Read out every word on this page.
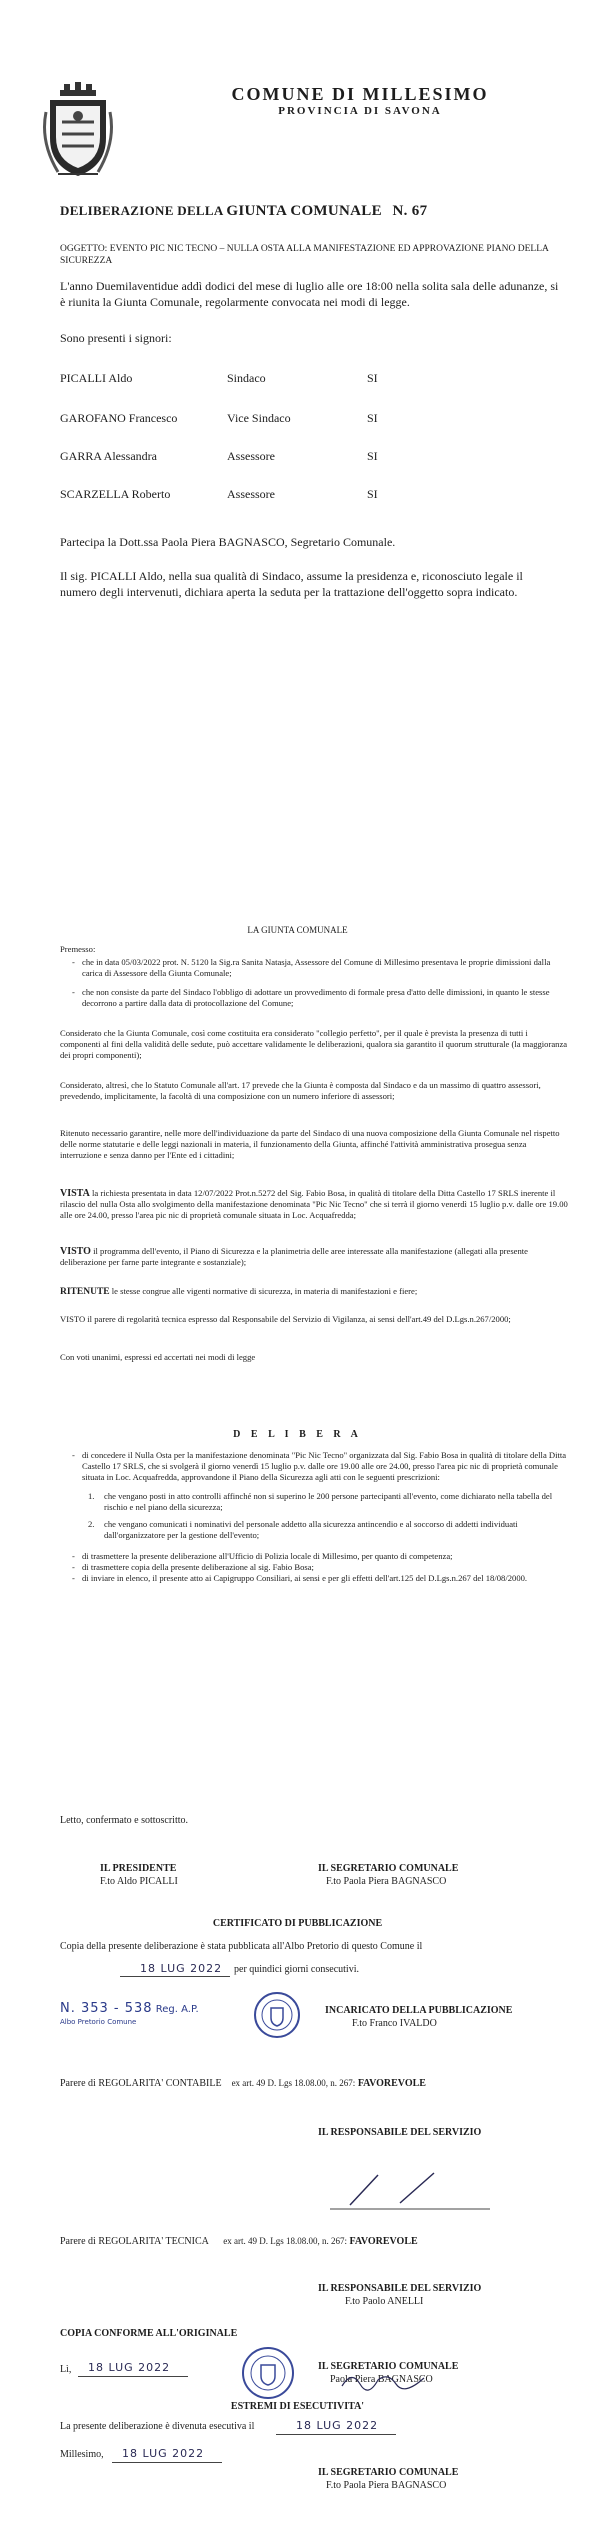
COMUNE DI MILLESIMO
PROVINCIA DI SAVONA
DELIBERAZIONE DELLA GIUNTA COMUNALE N. 67
OGGETTO: EVENTO PIC NIC TECNO – NULLA OSTA ALLA MANIFESTAZIONE ED APPROVAZIONE PIANO DELLA SICUREZZA
L'anno Duemilaventidue addì dodici del mese di luglio alle ore 18:00 nella solita sala delle adunanze, si è riunita la Giunta Comunale, regolarmente convocata nei modi di legge.
Sono presenti i signori:
PICALLI Aldo	Sindaco	SI
GAROFANO Francesco	Vice Sindaco	SI
GARRA Alessandra	Assessore	SI
SCARZELLA Roberto	Assessore	SI
Partecipa la Dott.ssa Paola Piera BAGNASCO, Segretario Comunale.
Il sig. PICALLI Aldo, nella sua qualità di Sindaco, assume la presidenza e, riconosciuto legale il numero degli intervenuti, dichiara aperta la seduta per la trattazione dell'oggetto sopra indicato.
LA GIUNTA COMUNALE
Premesso:
- che in data 05/03/2022 prot. N. 5120 la Sig.ra Sanita Natasja, Assessore del Comune di Millesimo presentava le proprie dimissioni dalla carica di Assessore della Giunta Comunale;
- che non consiste da parte del Sindaco l'obbligo di adottare un provvedimento di formale presa d'atto delle dimissioni, in quanto le stesse decorrono a partire dalla data di protocollazione del Comune;
Considerato che la Giunta Comunale, così come costituita era considerato "collegio perfetto", per il quale è prevista la presenza di tutti i componenti al fini della validità delle sedute, può accettare validamente le deliberazioni, qualora sia garantito il quorum strutturale (la maggioranza dei propri componenti);
Considerato, altresì, che lo Statuto Comunale all'art. 17 prevede che la Giunta è composta dal Sindaco e da un massimo di quattro assessori, prevedendo, implicitamente, la facoltà di una composizione con un numero inferiore di assessori;
Ritenuto necessario garantire, nelle more dell'individuazione da parte del Sindaco di una nuova composizione della Giunta Comunale nel rispetto delle norme statutarie e delle leggi nazionali in materia, il funzionamento della Giunta, affinché l'attività amministrativa prosegua senza interruzione e senza danno per l'Ente ed i cittadini;
VISTA la richiesta presentata in data 12/07/2022 Prot.n.5272 del Sig. Fabio Bosa, in qualità di titolare della Ditta Castello 17 SRLS inerente il rilascio del nulla Osta allo svolgimento della manifestazione denominata "Pic Nic Tecno" che si terrà il giorno venerdì 15 luglio p.v. dalle ore 19.00 alle ore 24.00, presso l'area pic nic di proprietà comunale situata in Loc. Acquafredda;
VISTO il programma dell'evento, il Piano di Sicurezza e la planimetria delle aree interessate alla manifestazione (allegati alla presente deliberazione per farne parte integrante e sostanziale);
RITENUTE le stesse congrue alle vigenti normative di sicurezza, in materia di manifestazioni e fiere;
VISTO il parere di regolarità tecnica espresso dal Responsabile del Servizio di Vigilanza, ai sensi dell'art.49 del D.Lgs.n.267/2000;
Con voti unanimi, espressi ed accertati nei modi di legge
D E L I B E R A
- di concedere il Nulla Osta per la manifestazione denominata "Pic Nic Tecno" organizzata dal Sig. Fabio Bosa in qualità di titolare della Ditta Castello 17 SRLS, che si svolgerà il giorno venerdì 15 luglio p.v. dalle ore 19.00 alle ore 24.00, presso l'area pic nic di proprietà comunale situata in Loc. Acquafredda, approvandone il Piano della Sicurezza agli atti con le seguenti prescrizioni:
1. che vengano posti in atto controlli affinché non si superino le 200 persone partecipanti all'evento, come dichiarato nella tabella del rischio e nel piano della sicurezza;
2. che vengano comunicati i nominativi del personale addetto alla sicurezza antincendio e al soccorso di addetti individuati dall'organizzatore per la gestione dell'evento;
- di trasmettere la presente deliberazione all'Ufficio di Polizia locale di Millesimo, per quanto di competenza;
- di trasmettere copia della presente deliberazione al sig. Fabio Bosa;
- di inviare in elenco, il presente atto ai Capigruppo Consiliari, ai sensi e per gli effetti dell'art.125 del D.Lgs.n.267 del 18/08/2000.
Letto, confermato e sottoscritto.
IL PRESIDENTE
F.to Aldo PICALLI
IL SEGRETARIO COMUNALE
F.to Paola Piera BAGNASCO
CERTIFICATO DI PUBBLICAZIONE
Copia della presente deliberazione è stata pubblicata all'Albo Pretorio di questo Comune il
18 LUG 2022 per quindici giorni consecutivi.
N. 353 - 538 Reg. A.P.
Albo Pretorio Comune
INCARICATO DELLA PUBBLICAZIONE
F.to Franco IVALDO
Parere di REGOLARITA' CONTABILE ex art. 49 D. Lgs 18.08.00, n. 267: FAVOREVOLE
IL RESPONSABILE DEL SERVIZIO
Parere di REGOLARITA' TECNICA ex art. 49 D. Lgs 18.08.00, n. 267: FAVOREVOLE
IL RESPONSABILE DEL SERVIZIO
F.to Paolo ANELLI
COPIA CONFORME ALL'ORIGINALE
Lì, 18 LUG 2022	IL SEGRETARIO COMUNALE
Paola Piera BAGNASCO
ESTREMI DI ESECUTIVITA'
La presente deliberazione è divenuta esecutiva il	18 LUG 2022
Millesimo, 18 LUG 2022
IL SEGRETARIO COMUNALE
F.to Paola Piera BAGNASCO
